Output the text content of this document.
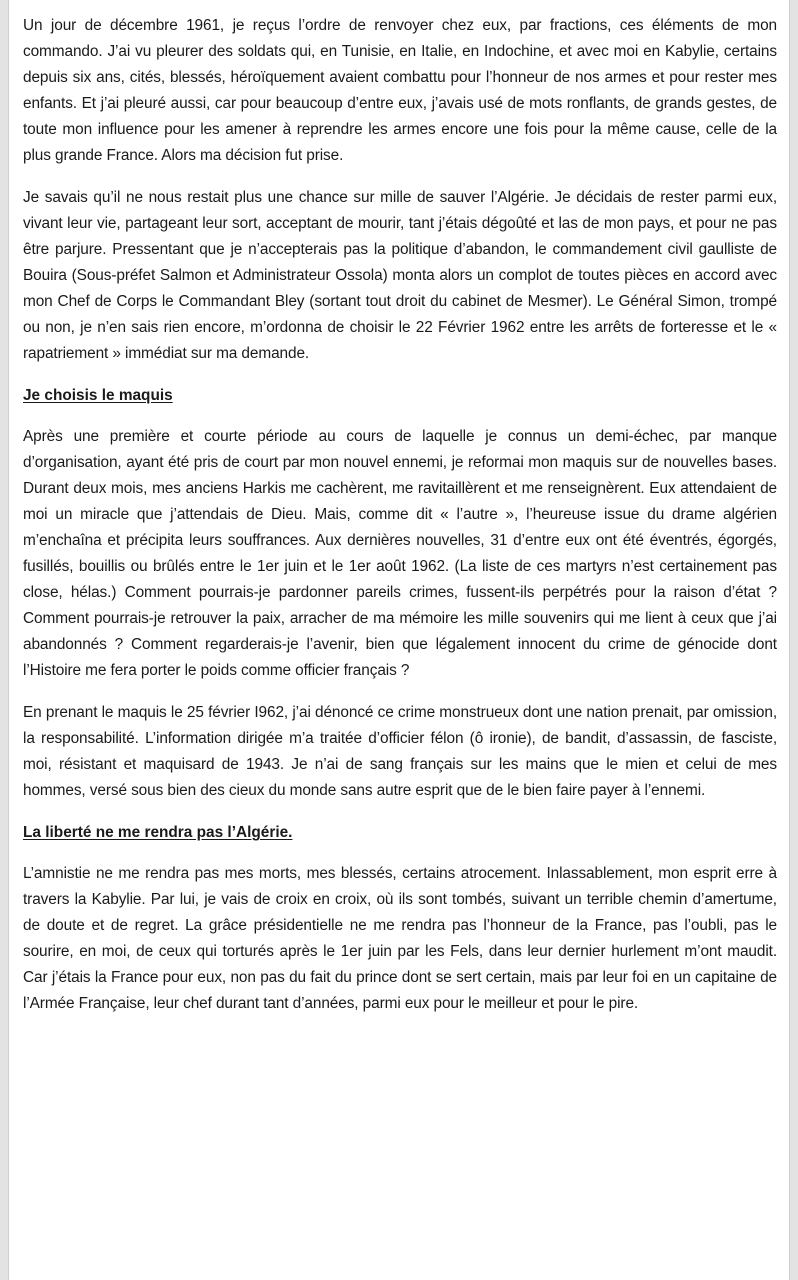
Un jour de décembre 1961, je reçus l’ordre de renvoyer chez eux, par fractions, ces éléments de mon commando. J’ai vu pleurer des soldats qui, en Tunisie, en Italie, en Indochine, et avec moi en Kabylie, certains depuis six ans, cités, blessés, héroïquement avaient combattu pour l’honneur de nos armes et pour rester mes enfants. Et j’ai pleuré aussi, car pour beaucoup d’entre eux, j’avais usé de mots ronflants, de grands gestes, de toute mon influence pour les amener à reprendre les armes encore une fois pour la même cause, celle de la plus grande France. Alors ma décision fut prise.

Je savais qu’il ne nous restait plus une chance sur mille de sauver l’Algérie. Je décidais de rester parmi eux, vivant leur vie, partageant leur sort, acceptant de mourir, tant j’étais dégoûté et las de mon pays, et pour ne pas être parjure. Pressentant que je n’accepterais pas la politique d’abandon, le commandement civil gaulliste de Bouira (Sous-préfet Salmon et Administrateur Ossola) monta alors un complot de toutes pièces en accord avec mon Chef de Corps le Commandant Bley (sortant tout droit du cabinet de Mesmer). Le Général Simon, trompé ou non, je n’en sais rien encore, m’ordonna de choisir le 22 Février 1962 entre les arrêts de forteresse et le « rapatriement » immédiat sur ma demande.

Je choisis le maquis

Après une première et courte période au cours de laquelle je connus un demi-échec, par manque d’organisation, ayant été pris de court par mon nouvel ennemi, je reformai mon maquis sur de nouvelles bases. Durant deux mois, mes anciens Harkis me cachèrent, me ravitaillèrent et me renseignèrent. Eux attendaient de moi un miracle que j’attendais de Dieu. Mais, comme dit « l’autre », l’heureuse issue du drame algérien m’enchaîna et précipita leurs souffrances. Aux dernières nouvelles, 31 d’entre eux ont été éventrés, égorgés, fusillés, bouillis ou brûlés entre le 1er juin et le 1er août 1962. (La liste de ces martyrs n’est certainement pas close, hélas.) Comment pourrais-je pardonner pareils crimes, fussent-ils perpétrés pour la raison d’état ? Comment pourrais-je retrouver la paix, arracher de ma mémoire les mille souvenirs qui me lient à ceux que j’ai abandonnés ? Comment regarderais-je l’avenir, bien que légalement innocent du crime de génocide dont l’Histoire me fera porter le poids comme officier français ?

En prenant le maquis le 25 février I962, j’ai dénoncé ce crime monstrueux dont une nation prenait, par omission, la responsabilité. L’information dirigée m’a traitée d’officier félon (ô ironie), de bandit, d’assassin, de fasciste, moi, résistant et maquisard de 1943. Je n’ai de sang français sur les mains que le mien et celui de mes hommes, versé sous bien des cieux du monde sans autre esprit que de le bien faire payer à l’ennemi.

La liberté ne me rendra pas l’Algérie.

L’amnistie ne me rendra pas mes morts, mes blessés, certains atrocement. Inlassablement, mon esprit erre à travers la Kabylie. Par lui, je vais de croix en croix, où ils sont tombés, suivant un terrible chemin d’amertume, de doute et de regret. La grâce présidentielle ne me rendra pas l’honneur de la France, pas l’oubli, pas le sourire, en moi, de ceux qui torturés après le 1er juin par les Fels, dans leur dernier hurlement m’ont maudit. Car j’étais la France pour eux, non pas du fait du prince dont se sert certain, mais par leur foi en un capitaine de l’Armée Française, leur chef durant tant d’années, parmi eux pour le meilleur et pour le pire.
